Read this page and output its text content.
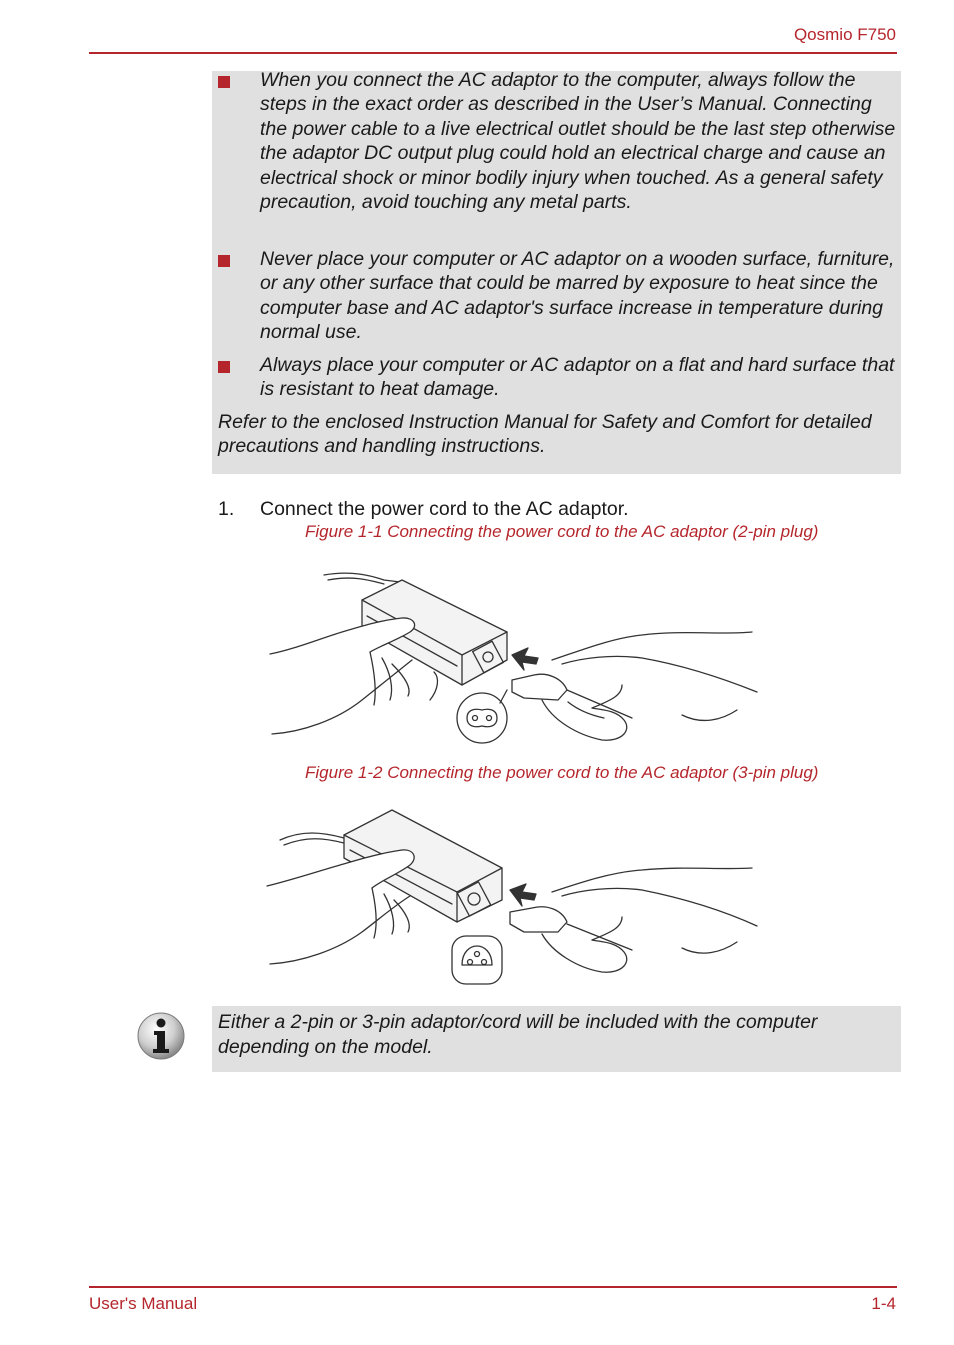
Qosmio F750
When you connect the AC adaptor to the computer, always follow the steps in the exact order as described in the User’s Manual. Connecting the power cable to a live electrical outlet should be the last step otherwise the adaptor DC output plug could hold an electrical charge and cause an electrical shock or minor bodily injury when touched. As a general safety precaution, avoid touching any metal parts.
Never place your computer or AC adaptor on a wooden surface, furniture, or any other surface that could be marred by exposure to heat since the computer base and AC adaptor's surface increase in temperature during normal use.
Always place your computer or AC adaptor on a flat and hard surface that is resistant to heat damage.
Refer to the enclosed Instruction Manual for Safety and Comfort for detailed precautions and handling instructions.
1. Connect the power cord to the AC adaptor.
Figure 1-1 Connecting the power cord to the AC adaptor (2-pin plug)
Figure 1-2 Connecting the power cord to the AC adaptor (3-pin plug)
Either a 2-pin or 3-pin adaptor/cord will be included with the computer depending on the model.
User's Manual	1-4
